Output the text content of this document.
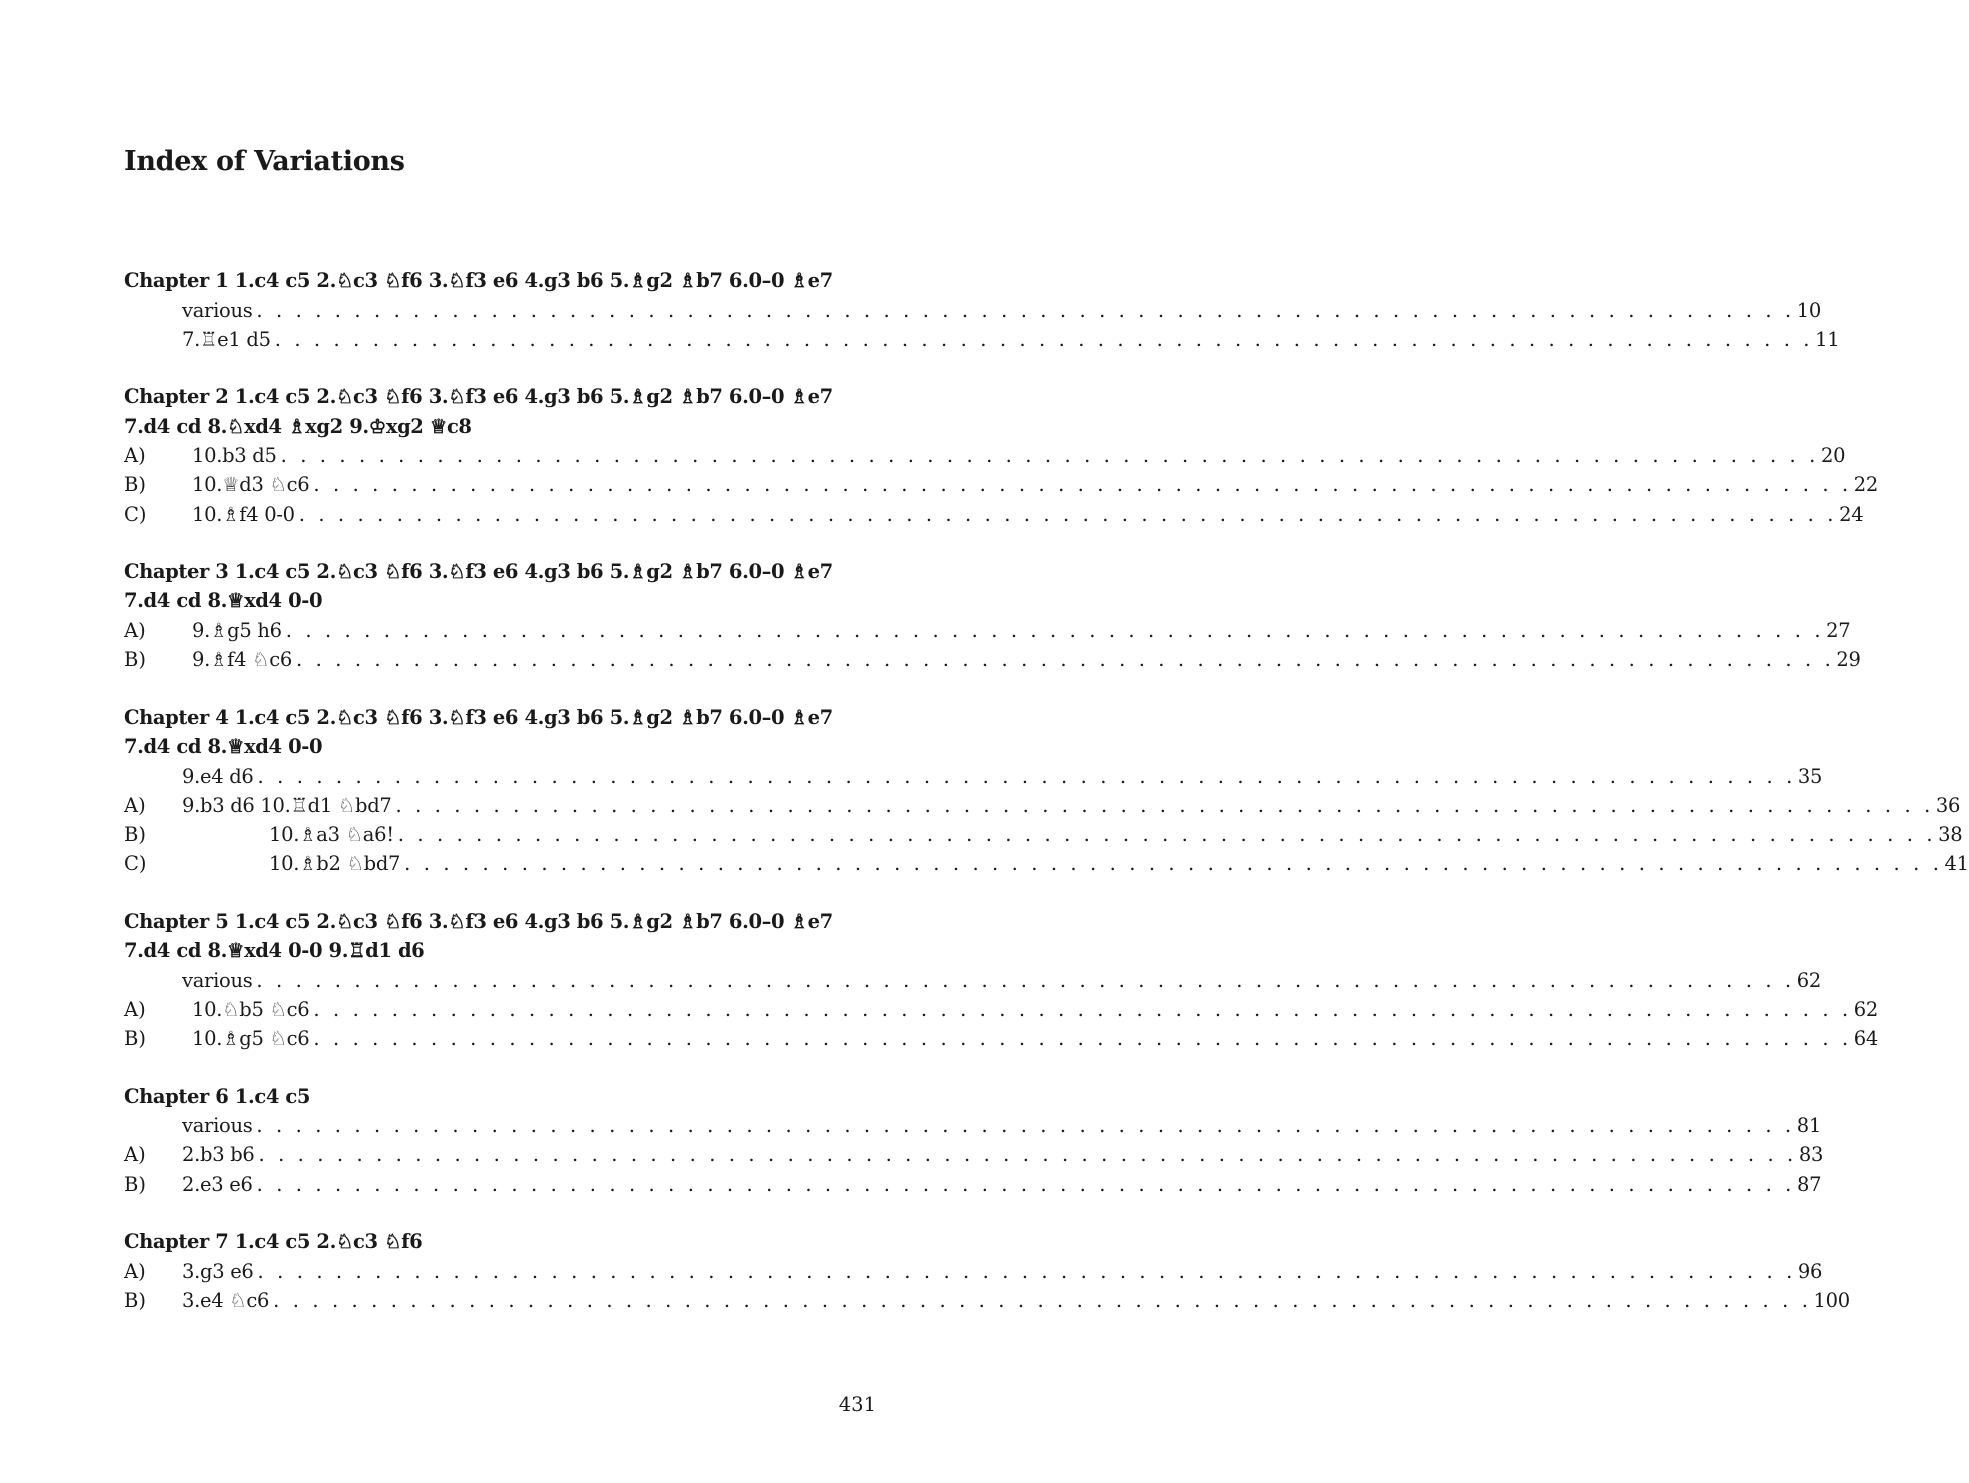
Index of Variations
Chapter 1 1.c4 c5 2.♘c3 ♘f6 3.♘f3 e6 4.g3 b6 5.♗g2 ♗b7 6.0–0 ♗e7
various . . . . . . . . . . . . . . . . . . . . . . . . . . . . . . . . . . . . . . . . . . . . . . . . . . . . . . . . . . . . . . . . . . . . . . . . . . . . . . . 10
7.♖e1 d5 . . . . . . . . . . . . . . . . . . . . . . . . . . . . . . . . . . . . . . . . . . . . . . . . . . . . . . . . . . . . . . . . . . . . . . . . . . . . . . . 11
Chapter 2 1.c4 c5 2.♘c3 ♘f6 3.♘f3 e6 4.g3 b6 5.♗g2 ♗b7 6.0–0 ♗e7 7.d4 cd 8.♘xd4 ♗xg2 9.♔xg2 ♕c8
A)	10.b3 d5 . . . . . . . . . . . . . . . . . . . . . . . . . . . . . . . . . . . . . . . . . . . . . . . . . . . . . . . . . . . . . . . . . . . . . . . . . . . . . . . 20
B)	10.♕d3 ♘c6 . . . . . . . . . . . . . . . . . . . . . . . . . . . . . . . . . . . . . . . . . . . . . . . . . . . . . . . . . . . . . . . . . . . . . . . . . . . . . . . 22
C)	10.♗f4 0-0 . . . . . . . . . . . . . . . . . . . . . . . . . . . . . . . . . . . . . . . . . . . . . . . . . . . . . . . . . . . . . . . . . . . . . . . . . . . . . . . 24
Chapter 3 1.c4 c5 2.♘c3 ♘f6 3.♘f3 e6 4.g3 b6 5.♗g2 ♗b7 6.0–0 ♗e7 7.d4 cd 8.♕xd4 0-0
A)	9.♗g5 h6 . . . . . . . . . . . . . . . . . . . . . . . . . . . . . . . . . . . . . . . . . . . . . . . . . . . . . . . . . . . . . . . . . . . . . . . . . . . . . . . 27
B)	9.♗f4 ♘c6 . . . . . . . . . . . . . . . . . . . . . . . . . . . . . . . . . . . . . . . . . . . . . . . . . . . . . . . . . . . . . . . . . . . . . . . . . . . . . . . 29
Chapter 4 1.c4 c5 2.♘c3 ♘f6 3.♘f3 e6 4.g3 b6 5.♗g2 ♗b7 6.0–0 ♗e7 7.d4 cd 8.♕xd4 0-0
9.e4 d6 . . . . . . . . . . . . . . . . . . . . . . . . . . . . . . . . . . . . . . . . . . . . . . . . . . . . . . . . . . . . . . . . . . . . . . . . . . . . . . . 35
A) 9.b3 d6 10.♖d1 ♘bd7 . . . . . . . . . . . . . . . . . . . . . . . . . . . . . . . . . . . . . . . . . . . . . . . . . . . . . . . . . . . . . . . . . . . . . . . . . . . . . . . 36
B)	10.♗a3 ♘a6! . . . . . . . . . . . . . . . . . . . . . . . . . . . . . . . . . . . . . . . . . . . . . . . . . . . . . . . . . . . . . . . . . . . . . . . . . . . . . . . 38
C)	10.♗b2 ♘bd7 . . . . . . . . . . . . . . . . . . . . . . . . . . . . . . . . . . . . . . . . . . . . . . . . . . . . . . . . . . . . . . . . . . . . . . . . . . . . . . . 41
Chapter 5 1.c4 c5 2.♘c3 ♘f6 3.♘f3 e6 4.g3 b6 5.♗g2 ♗b7 6.0–0 ♗e7 7.d4 cd 8.♕xd4 0-0 9.♖d1 d6
various . . . . . . . . . . . . . . . . . . . . . . . . . . . . . . . . . . . . . . . . . . . . . . . . . . . . . . . . . . . . . . . . . . . . . . . . . . . . . . . 62
A)	10.♘b5 ♘c6 . . . . . . . . . . . . . . . . . . . . . . . . . . . . . . . . . . . . . . . . . . . . . . . . . . . . . . . . . . . . . . . . . . . . . . . . . . . . . . . 62
B)	10.♗g5 ♘c6 . . . . . . . . . . . . . . . . . . . . . . . . . . . . . . . . . . . . . . . . . . . . . . . . . . . . . . . . . . . . . . . . . . . . . . . . . . . . . . . 64
Chapter 6 1.c4 c5
various . . . . . . . . . . . . . . . . . . . . . . . . . . . . . . . . . . . . . . . . . . . . . . . . . . . . . . . . . . . . . . . . . . . . . . . . . . . . . . . 81
A) 2.b3 b6 . . . . . . . . . . . . . . . . . . . . . . . . . . . . . . . . . . . . . . . . . . . . . . . . . . . . . . . . . . . . . . . . . . . . . . . . . . . . . . . 83
B) 2.e3 e6 . . . . . . . . . . . . . . . . . . . . . . . . . . . . . . . . . . . . . . . . . . . . . . . . . . . . . . . . . . . . . . . . . . . . . . . . . . . . . . . 87
Chapter 7 1.c4 c5 2.♘c3 ♘f6
A) 3.g3 e6 . . . . . . . . . . . . . . . . . . . . . . . . . . . . . . . . . . . . . . . . . . . . . . . . . . . . . . . . . . . . . . . . . . . . . . . . . . . . . . . 96
B) 3.e4 ♘c6 . . . . . . . . . . . . . . . . . . . . . . . . . . . . . . . . . . . . . . . . . . . . . . . . . . . . . . . . . . . . . . . . . . . . . . . . . . . . . . . 100
431
